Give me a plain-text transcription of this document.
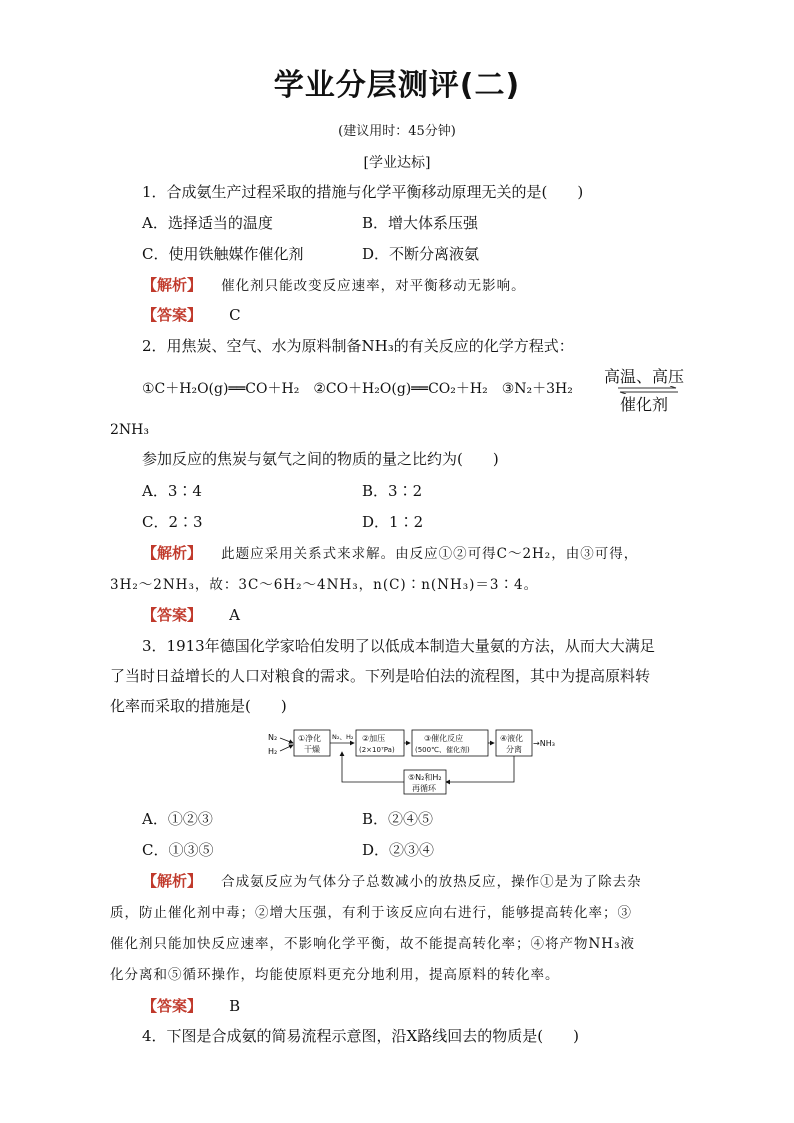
学业分层测评(二)
(建议用时：45分钟)
[学业达标]
1．合成氨生产过程采取的措施与化学平衡移动原理无关的是(　　)
A．选择适当的温度	B．增大体系压强
C．使用铁触媒作催化剂	D．不断分离液氨
【解析】 催化剂只能改变反应速率，对平衡移动无影响。
【答案】 C
2．用焦炭、空气、水为原料制备NH₃的有关反应的化学方程式：
①C＋H₂O(g)══CO＋H₂　②CO＋H₂O(g)══CO₂＋H₂　③N₂＋3H₂
高温、高压
催化剂
2NH₃
参加反应的焦炭与氨气之间的物质的量之比约为(　　)
A．3∶4	B．3∶2
C．2∶3	D．1∶2
【解析】 此题应采用关系式来求解。由反应①②可得C～2H₂，由③可得，
3H₂～2NH₃，故：3C～6H₂～4NH₃，n(C)∶n(NH₃)＝3∶4。
【答案】 A
3．1913年德国化学家哈伯发明了以低成本制造大量氨的方法，从而大大满足
了当时日益增长的人口对粮食的需求。下列是哈伯法的流程图，其中为提高原料转
化率而采取的措施是(　　)
N₂
H₂
①净化
干燥
N₂、H₂ ②加压
(2×10⁷Pa)
③催化反应
(500℃、催化剂)
④液化
分离
→NH₃
⑤N₂和H₂
再循环
A．①②③	B．②④⑤
C．①③⑤	D．②③④
【解析】 合成氨反应为气体分子总数减小的放热反应，操作①是为了除去杂
质，防止催化剂中毒；②增大压强，有利于该反应向右进行，能够提高转化率；③
催化剂只能加快反应速率，不影响化学平衡，故不能提高转化率；④将产物NH₃液
化分离和⑤循环操作，均能使原料更充分地利用，提高原料的转化率。
【答案】 B
4．下图是合成氨的简易流程示意图，沿X路线回去的物质是(　　)
